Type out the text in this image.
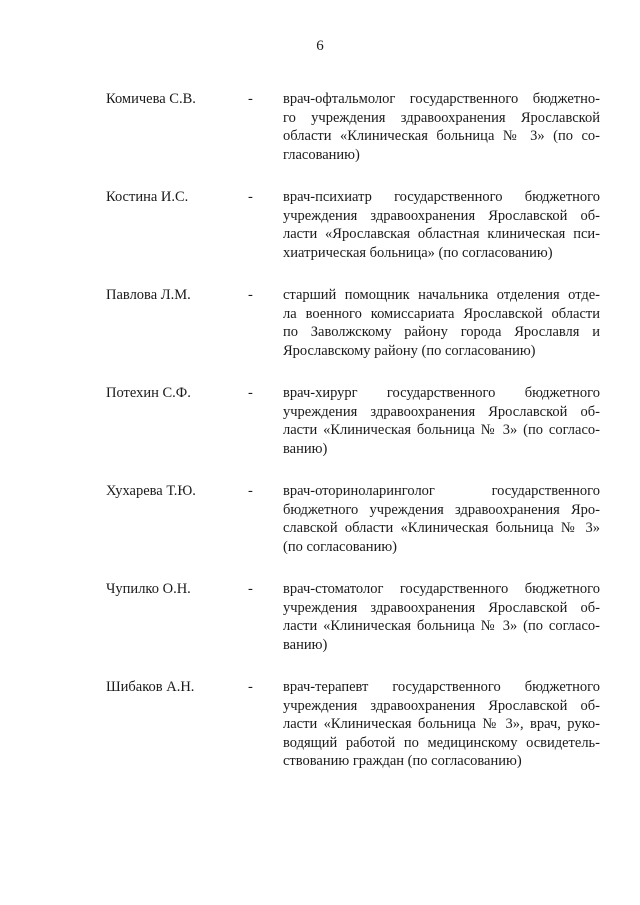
6
Комичева С.В.	-	врач-офтальмолог государственного бюджетно-
го учреждения здравоохранения Ярославской
области «Клиническая больница № 3» (по со-
гласованию)
Костина И.С.	-	врач-психиатр государственного бюджетного
учреждения здравоохранения Ярославской об-
ласти «Ярославская областная клиническая пси-
хиатрическая больница» (по согласованию)
Павлова Л.М.	-	старший помощник начальника отделения отде-
ла военного комиссариата Ярославской области
по Заволжскому району города Ярославля и
Ярославскому району (по согласованию)
Потехин С.Ф.	-	врач-хирург государственного бюджетного
учреждения здравоохранения Ярославской об-
ласти «Клиническая больница № 3» (по согласо-
ванию)
Хухарева Т.Ю.	-	врач-оториноларинголог государственного
бюджетного учреждения здравоохранения Яро-
славской области «Клиническая больница № 3»
(по согласованию)
Чупилко О.Н.	-	врач-стоматолог государственного бюджетного
учреждения здравоохранения Ярославской об-
ласти «Клиническая больница № 3» (по согласо-
ванию)
Шибаков А.Н.	-	врач-терапевт государственного бюджетного
учреждения здравоохранения Ярославской об-
ласти «Клиническая больница № 3», врач, руко-
водящий работой по медицинскому освидетель-
ствованию граждан (по согласованию)
